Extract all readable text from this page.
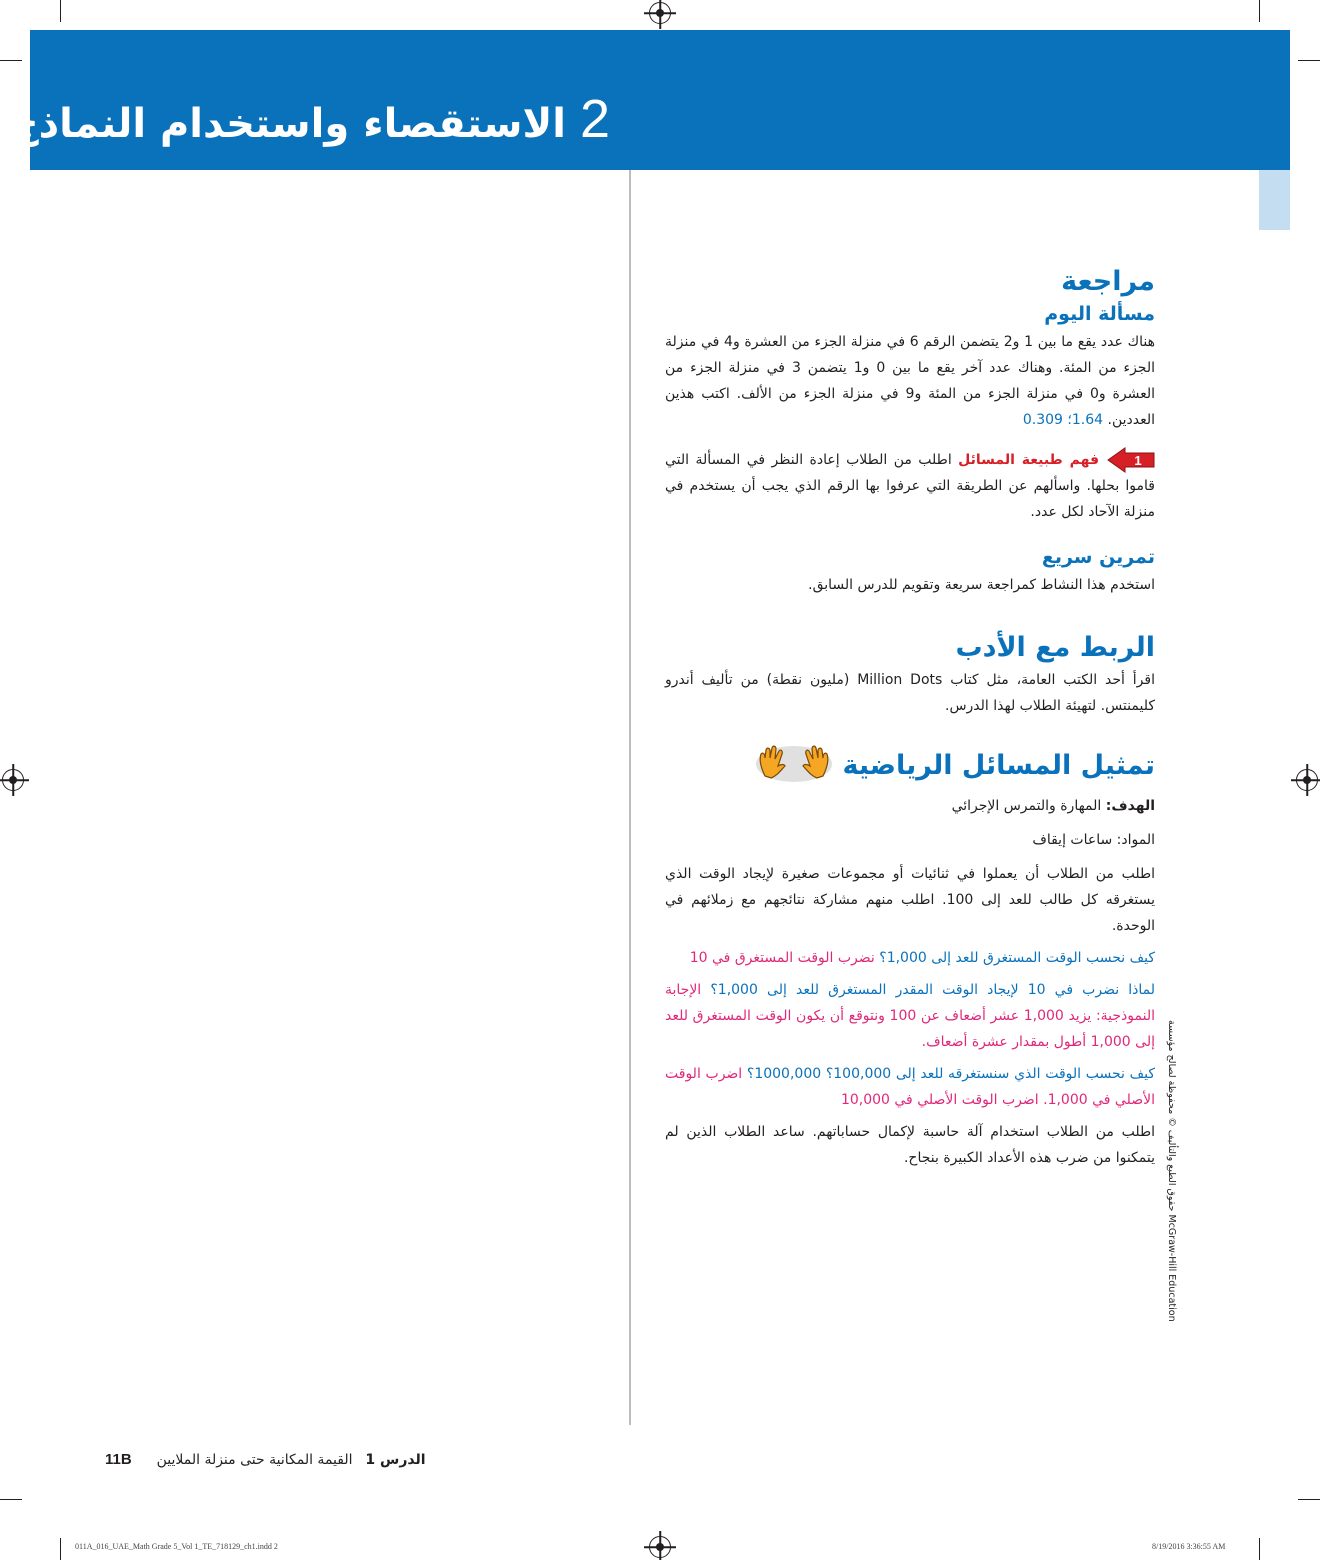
2الاستقصاء واستخدام النماذج
مراجعة
مسألة اليوم

هناك عدد يقع ما بين 1 و2 يتضمن الرقم 6 في منزلة الجزء من العشرة و4 في منزلة الجزء من المئة. وهناك عدد آخر يقع ما بين 0 و1 يتضمن 3 في منزلة الجزء من العشرة و0 في منزلة الجزء من المئة و9 في منزلة الجزء من الألف. اكتب هذين العددين. 1.64؛ 0.309

1
فهم طبيعة المسائل اطلب من الطلاب إعادة النظر في المسألة التي قاموا بحلها. واسألهم عن الطريقة التي عرفوا بها الرقم الذي يجب أن يستخدم في منزلة الآحاد لكل عدد.

تمرين سريع

استخدم هذا النشاط كمراجعة سريعة وتقويم للدرس السابق.

الربط مع الأدب

اقرأ أحد الكتب العامة، مثل كتاب Million Dots (مليون نقطة) من تأليف أندرو كليمنتس. لتهيئة الطلاب لهذا الدرس.

تمثيل المسائل الرياضية

الهدف: المهارة والتمرس الإجرائي

المواد: ساعات إيقاف

اطلب من الطلاب أن يعملوا في ثنائيات أو مجموعات صغيرة لإيجاد الوقت الذي يستغرقه كل طالب للعد إلى 100. اطلب منهم مشاركة نتائجهم مع زملائهم في الوحدة.

كيف نحسب الوقت المستغرق للعد إلى 1,000؟ نضرب الوقت المستغرق في 10

لماذا نضرب في 10 لإيجاد الوقت المقدر المستغرق للعد إلى 1,000؟ الإجابة النموذجية: يزيد 1,000 عشر أضعاف عن 100 ونتوقع أن يكون الوقت المستغرق للعد إلى 1,000 أطول بمقدار عشرة أضعاف.

كيف نحسب الوقت الذي سنستغرقه للعد إلى 100,000؟ 1000,000؟ اضرب الوقت الأصلي في 1,000. اضرب الوقت الأصلي في 10,000

اطلب من الطلاب استخدام آلة حاسبة لإكمال حساباتهم. ساعد الطلاب الذين لم يتمكنوا من ضرب هذه الأعداد الكبيرة بنجاح. حقوق الطبع والتأليف © محفوظة لصالح مؤسسة McGraw-Hill Education
11B القيمة المكانية حتى منزلة الملايين الدرس 1
011A_016_UAE_Math Grade 5_Vol 1_TE_718129_ch1.indd 2	8/19/2016 3:36:55 AM
